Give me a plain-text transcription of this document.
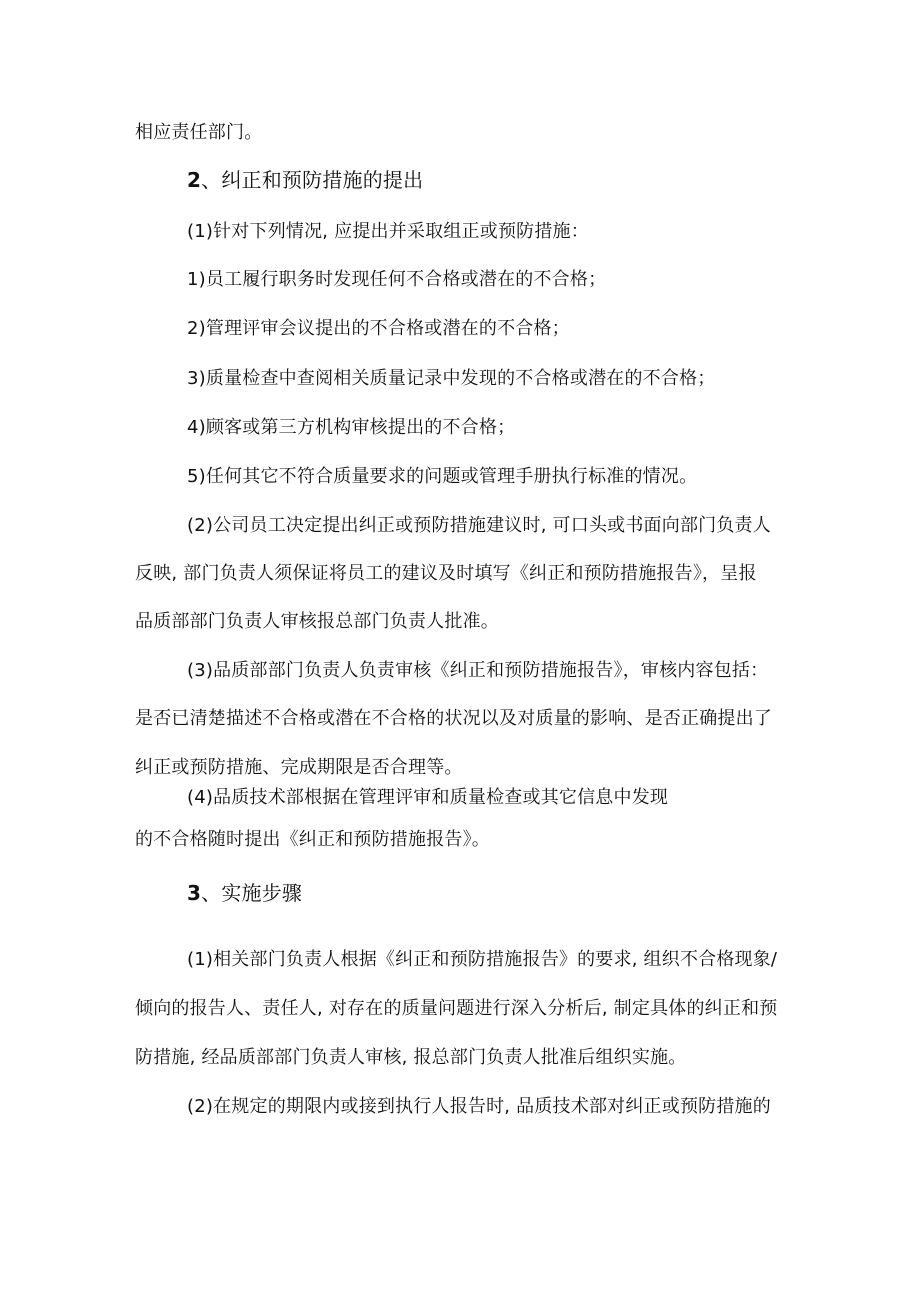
相应责任部门。
2、纠正和预防措施的提出
(1)针对下列情况, 应提出并采取组正或预防措施：
1)员工履行职务时发现任何不合格或潜在的不合格；
2)管理评审会议提出的不合格或潜在的不合格；
3)质量检查中查阅相关质量记录中发现的不合格或潜在的不合格；
4)顾客或第三方机构审核提出的不合格；
5)任何其它不符合质量要求的问题或管理手册执行标准的情况。
(2)公司员工决定提出纠正或预防措施建议时, 可口头或书面向部门负责人
反映, 部门负责人须保证将员工的建议及时填写《纠正和预防措施报告》，呈报
品质部部门负责人审核报总部门负责人批准。
(3)品质部部门负责人负责审核《纠正和预防措施报告》，审核内容包括：
是否已清楚描述不合格或潜在不合格的状况以及对质量的影响、是否正确提出了
纠正或预防措施、完成期限是否合理等。
(4)品质技术部根据在管理评审和质量检查或其它信息中发现
的不合格随时提出《纠正和预防措施报告》。
3、实施步骤
(1)相关部门负责人根据《纠正和预防措施报告》的要求, 组织不合格现象/
倾向的报告人、责任人, 对存在的质量问题进行深入分析后, 制定具体的纠正和预
防措施, 经品质部部门负责人审核, 报总部门负责人批准后组织实施。
(2)在规定的期限内或接到执行人报告时, 品质技术部对纠正或预防措施的
